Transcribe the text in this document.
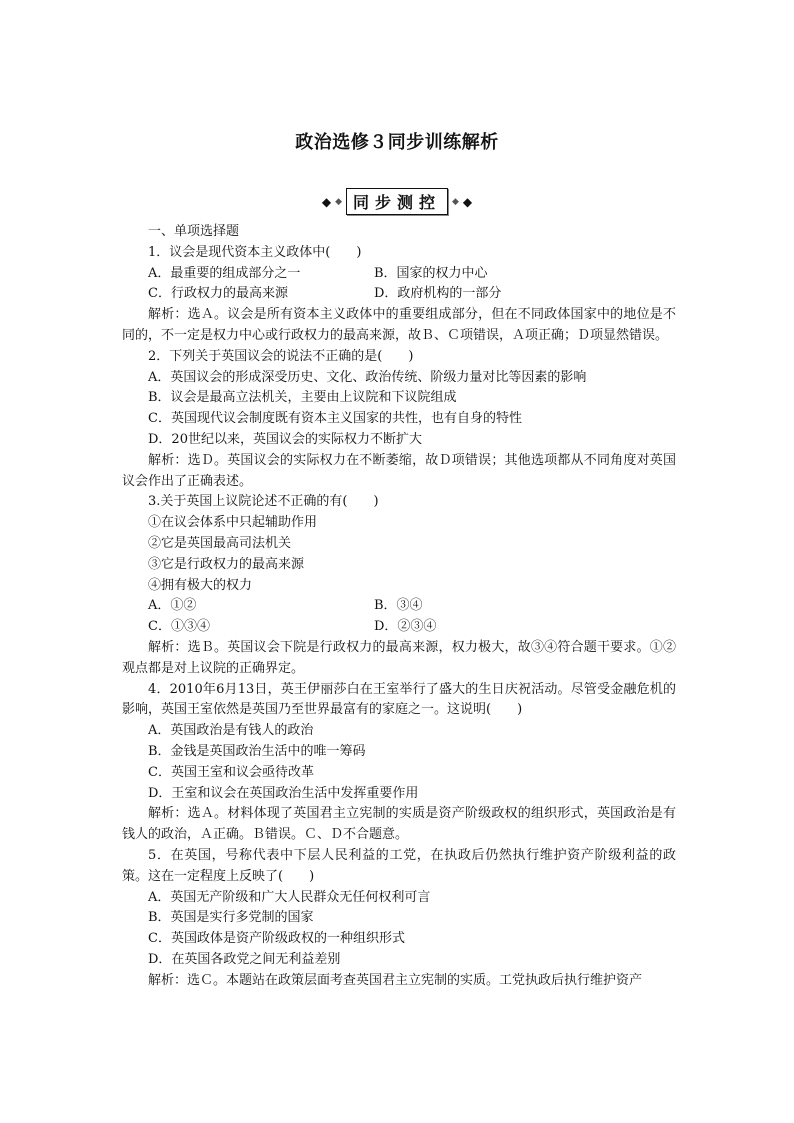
政治选修３同步训练解析
◆ ◆ 同步测控	◆ ◆
一、单项选择题
1．议会是现代资本主义政体中(　　)
A．最重要的组成部分之一	B．国家的权力中心
C．行政权力的最高来源	D．政府机构的一部分
解析：选Ａ。议会是所有资本主义政体中的重要组成部分，但在不同政体国家中的地位是不同的，不一定是权力中心或行政权力的最高来源，故Ｂ、Ｃ项错误，Ａ项正确；Ｄ项显然错误。
2．下列关于英国议会的说法不正确的是(　　)
A．英国议会的形成深受历史、文化、政治传统、阶级力量对比等因素的影响
B．议会是最高立法机关，主要由上议院和下议院组成
C．英国现代议会制度既有资本主义国家的共性，也有自身的特性
D．20世纪以来，英国议会的实际权力不断扩大
解析：选Ｄ。英国议会的实际权力在不断萎缩，故Ｄ项错误；其他选项都从不同角度对英国议会作出了正确表述。
3.关于英国上议院论述不正确的有(　　)
①在议会体系中只起辅助作用
②它是英国最高司法机关
③它是行政权力的最高来源
④拥有极大的权力
A．①②	B．③④
C．①③④	D．②③④
解析：选Ｂ。英国议会下院是行政权力的最高来源，权力极大，故③④符合题干要求。①②观点都是对上议院的正确界定。
4．2010年6月13日，英王伊丽莎白在王室举行了盛大的生日庆祝活动。尽管受金融危机的影响，英国王室依然是英国乃至世界最富有的家庭之一。这说明(　　)
A．英国政治是有钱人的政治
B．金钱是英国政治生活中的唯一筹码
C．英国王室和议会亟待改革
D．王室和议会在英国政治生活中发挥重要作用
解析：选Ａ。材料体现了英国君主立宪制的实质是资产阶级政权的组织形式，英国政治是有钱人的政治，Ａ正确。Ｂ错误。Ｃ、Ｄ不合题意。
5．在英国，号称代表中下层人民利益的工党，在执政后仍然执行维护资产阶级利益的政策。这在一定程度上反映了(　　)
A．英国无产阶级和广大人民群众无任何权利可言
B．英国是实行多党制的国家
C．英国政体是资产阶级政权的一种组织形式
D．在英国各政党之间无利益差别
解析：选Ｃ。本题站在政策层面考查英国君主立宪制的实质。工党执政后执行维护资产
